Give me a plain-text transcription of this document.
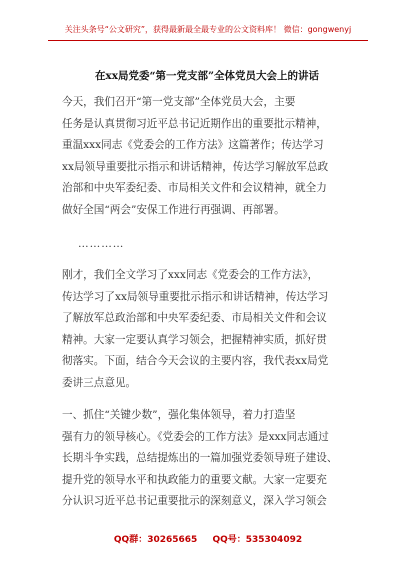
关注头条号“公文研究”，获得最新最全最专业的公文资料库！ 微信：gongwenyj
在xx局党委“第一党支部”全体党员大会上的讲话
今天，我们召开“第一党支部”全体党员大会，主要
任务是认真贯彻习近平总书记近期作出的重要批示精神，
重温xxx同志《党委会的工作方法》这篇著作；传达学习
xx局领导重要批示指示和讲话精神，传达学习解放军总政
治部和中央军委纪委、市局相关文件和会议精神，就全力
做好全国“两会”安保工作进行再强调、再部署。
…………
刚才，我们全文学习了xxx同志《党委会的工作方法》，
传达学习了xx局领导重要批示指示和讲话精神，传达学习
了解放军总政治部和中央军委纪委、市局相关文件和会议
精神。大家一定要认真学习领会，把握精神实质，抓好贯
彻落实。下面，结合今天会议的主要内容，我代表xx局党
委讲三点意见。
一、抓住“关键少数”，强化集体领导，着力打造坚
强有力的领导核心。《党委会的工作方法》是xxx同志通过
长期斗争实践，总结提炼出的一篇加强党委领导班子建设、
提升党的领导水平和执政能力的重要文献。大家一定要充
分认识习近平总书记重要批示的深刻意义，深入学习领会
QQ群：30265665 QQ号：535304092
